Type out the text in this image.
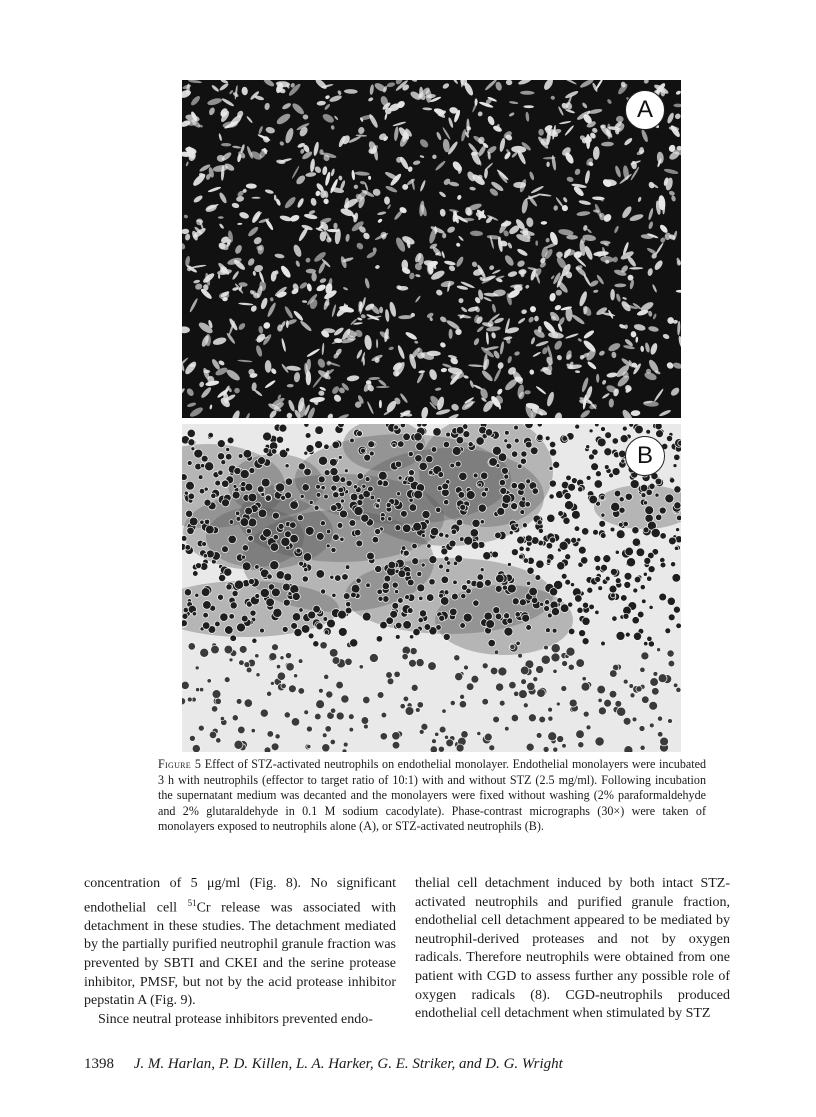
A
B
Figure 5 Effect of STZ-activated neutrophils on endothelial monolayer. Endothelial monolayers were incubated 3 h with neutrophils (effector to target ratio of 10:1) with and without STZ (2.5 mg/ml). Following incubation the supernatant medium was decanted and the monolayers were fixed without washing (2% paraformaldehyde and 2% glutaraldehyde in 0.1 M sodium cacodylate). Phase-contrast micrographs (30×) were taken of monolayers exposed to neutrophils alone (A), or STZ-activated neutrophils (B).

concentration of 5 μg/ml (Fig. 8). No significant endothelial cell $^{51}$Cr release was associated with detachment in these studies. The detachment mediated by the partially purified neutrophil granule fraction was prevented by SBTI and CKEI and the serine protease inhibitor, PMSF, but not by the acid protease inhibitor pepstatin A (Fig. 9).

Since neutral protease inhibitors prevented endo-

thelial cell detachment induced by both intact STZ-activated neutrophils and purified granule fraction, endothelial cell detachment appeared to be mediated by neutrophil-derived proteases and not by oxygen radicals. Therefore neutrophils were obtained from one patient with CGD to assess further any possible role of oxygen radicals (8). CGD-neutrophils produced endothelial cell detachment when stimulated by STZ

1398 J. M. Harlan, P. D. Killen, L. A. Harker, G. E. Striker, and D. G. Wright
